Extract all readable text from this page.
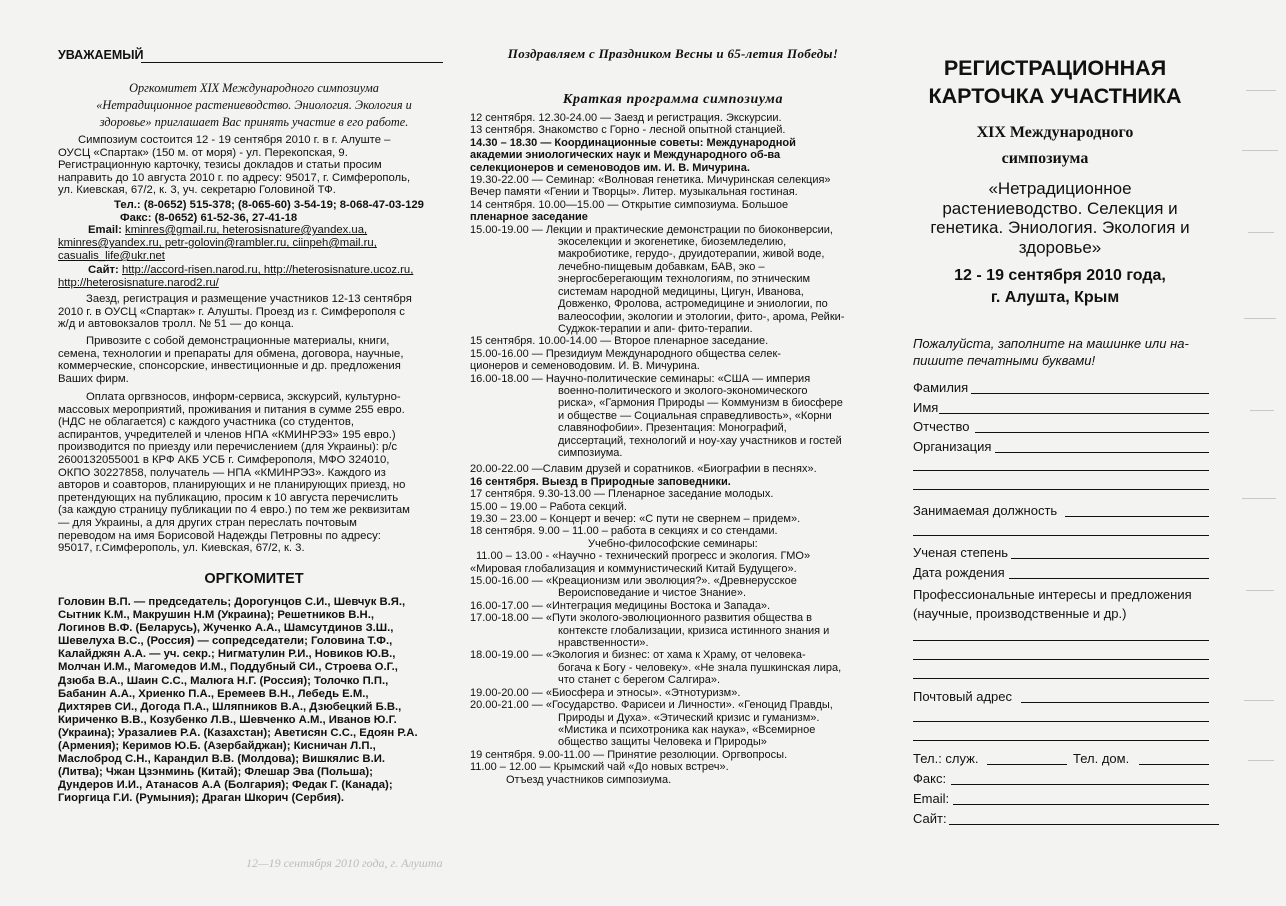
УВАЖАЕМЫЙ
Оргкомитет XIX Международного симпозиума
«Нетрадиционное растениеводство. Эниология. Экология и
здоровье» приглашает Вас принять участие в его работе.
Симпозиум состоится 12 - 19 сентября 2010 г. в г. Алуште –
ОУСЦ «Спартак» (150 м. от моря) - ул. Перекопская, 9.
Регистрационную карточку, тезисы докладов и статьи просим
направить до 10 августа 2010 г. по адресу: 95017, г. Симферополь,
ул. Киевская, 67/2, к. 3, уч. секретарю Головиной ТФ.
Тел.: (8-0652) 515-378; (8-065-60) 3-54-19; 8-068-47-03-129
Факс: (8-0652) 61-52-36, 27-41-18
Email: kminres@gmail.ru, heterosisnature@yandex.ua,
kminres@yandex.ru, petr-golovin@rambler.ru, ciinpeh@mail.ru,
casualis_life@ukr.net
Сайт: http://accord-risen.narod.ru, http://heterosisnature.ucoz.ru,
http://heterosisnature.narod2.ru/
Заезд, регистрация и размещение участников 12-13 сентября
2010 г. в ОУСЦ «Спартак» г. Алушты. Проезд из г. Симферополя с
ж/д и автовокзалов тролл. № 51 — до конца.
Привозите с собой демонстрационные материалы, книги,
семена, технологии и препараты для обмена, договора, научные,
коммерческие, спонсорские, инвестиционные и др. предложения
Ваших фирм.
Оплата оргвзносов, информ-сервиса, экскурсий, культурно-
массовых мероприятий, проживания и питания в сумме 255 евро.
(НДС не облагается) с каждого участника (со студентов,
аспирантов, учредителей и членов НПА «КМИНРЭЗ» 195 евро.)
производится по приезду или перечислением (для Украины): р/с
2600132055001 в КРФ АКБ УСБ г. Симферополя, МФО 324010,
ОКПО 30227858, получатель — НПА «КМИНРЭЗ». Каждого из
авторов и соавторов, планирующих и не планирующих приезд, но
претендующих на публикацию, просим к 10 августа перечислить
(за каждую страницу публикации по 4 евро.) по тем же реквизитам
— для Украины, а для других стран переслать почтовым
переводом на имя Борисовой Надежды Петровны по адресу:
95017, г.Симферополь, ул. Киевская, 67/2, к. 3.
ОРГКОМИТЕТ
Головин В.П. — председатель; Дорогунцов С.И., Шевчук В.Я.,
Сытник К.М., Макрушин Н.М (Украина); Решетников В.Н.,
Логинов В.Ф. (Беларусь), Жученко А.А., Шамсутдинов З.Ш.,
Шевелуха В.С., (Россия) — сопредседатели; Головина Т.Ф.,
Калайджян А.А. — уч. секр.; Нигматулин Р.И., Новиков Ю.В.,
Молчан И.М., Магомедов И.М., Поддубный СИ., Строева О.Г.,
Дзюба В.А., Шаин С.С., Малюга Н.Г. (Россия); Толочко П.П.,
Бабанин А.А., Хриенко П.А., Еремеев В.Н., Лебедь Е.М.,
Дихтярев СИ., Догода П.А., Шляпников В.А., Дзюбецкий Б.В.,
Кириченко В.В., Козубенко Л.В., Шевченко А.М., Иванов Ю.Г.
(Украина); Уразалиев Р.А. (Казахстан); Аветисян С.С., Едоян Р.А.
(Армения); Керимов Ю.Б. (Азербайджан); Кисничан Л.П.,
Маслоброд С.Н., Карандил В.В. (Молдова); Вишкялис В.И.
(Литва); Чжан Цзэнминь (Китай); Флешар Эва (Польша);
Дундеров И.И., Атанасов А.А (Болгария); Федак Г. (Канада);
Гиоргица Г.И. (Румыния); Драган Шкорич (Сербия).
12—19 сентября 2010 года, г. Алушта
Поздравляем с Праздником Весны и 65-летия Победы!
Краткая программа симпозиума
12 сентября. 12.30-24.00 — Заезд и регистрация. Экскурсии.
13 сентября. Знакомство с Горно - лесной опытной станцией.
14.30 – 18.30 — Координационные советы: Международной
академии эниологических наук и Международного об-ва
селекционеров и семеноводов им. И. В. Мичурина.
19.30-22.00 — Семинар: «Волновая генетика. Мичуринская селекция»
Вечер памяти «Гении и Творцы». Литер. музыкальная гостиная.
14 сентября. 10.00—15.00 — Открытие симпозиума. Большое
пленарное заседание
15.00-19.00 — Лекции и практические демонстрации по биоконверсии,
экоселекции и экогенетике, биоземледелию,
макробиотике, герудо-, друидотерапии, живой воде,
лечебно-пищевым добавкам, БАВ, эко –
энергосберегающим технологиям, по этническим
системам народной медицины, Цигун, Иванова,
Довженко, Фролова, астромедицине и эниологии, по
валеософии, экологии и этологии, фито-, арома, Рейки-
Суджок-терапии и апи- фито-терапии.
15 сентября. 10.00-14.00 — Второе пленарное заседание.
15.00-16.00 — Президиум Международного общества селек-
ционеров и семеноводовим. И. В. Мичурина.
16.00-18.00 — Научно-политические семинары: «США — империя
военно-политического и эколого-экономического
риска», «Гармония Природы — Коммунизм в биосфере
и обществе — Социальная справедливость», «Корни
славянофобии». Презентация: Монографий,
диссертаций, технологий и ноу-хау участников и гостей
симпозиума.
20.00-22.00 —Славим друзей и соратников. «Биографии в песнях».
16 сентября. Выезд в Природные заповедники.
17 сентября. 9.30-13.00 — Пленарное заседание молодых.
15.00 – 19.00 – Работа секций.
19.30 – 23.00 – Концерт и вечер: «С пути не свернем – придем».
18 сентября. 9.00 – 11.00 – работа в секциях и со стендами.
Учебно-философские семинары:
11.00 – 13.00 - «Научно - технический прогресс и экология. ГМО»
«Мировая глобализация и коммунистический Китай Будущего».
15.00-16.00 — «Креационизм или эволюция?». «Древнерусское
Вероисповедание и чистое Знание».
16.00-17.00 — «Интеграция медицины Востока и Запада».
17.00-18.00 — «Пути эколого-эволюционного развития общества в
контексте глобализации, кризиса истинного знания и
нравственности».
18.00-19.00 — «Экология и бизнес: от хама к Храму, от человека-
богача к Богу - человеку». «Не знала пушкинская лира,
что станет с берегом Салгира».
19.00-20.00 — «Биосфера и этносы». «Этнотуризм».
20.00-21.00 — «Государство. Фарисеи и Личности». «Геноцид Правды,
Природы и Духа». «Этический кризис и гуманизм».
«Мистика и психотроника как наука», «Всемирное
общество защиты Человека и Природы»
19 сентября. 9.00-11.00 — Принятие резолюции. Оргвопросы.
11.00 – 12.00 — Крымский чай «До новых встреч».
Отъезд участников симпозиума.
РЕГИСТРАЦИОННАЯ
КАРТОЧКА УЧАСТНИКА
XIX Международного
симпозиума
«Нетрадиционное
растениеводство. Селекция и
генетика. Эниология. Экология и
здоровье»
12 - 19 сентября 2010 года,
г. Алушта, Крым
Пожалуйста, заполните на машинке или на-
пишите печатными буквами!
Фамилия
Имя
Отчество
Организация
Занимаемая должность
Ученая степень
Дата рождения
Профессиональные интересы и предложения
(научные, производственные и др.)
Почтовый адрес
Тел.: служ.	Тел. дом.
Факс:
Email:
Сайт:
